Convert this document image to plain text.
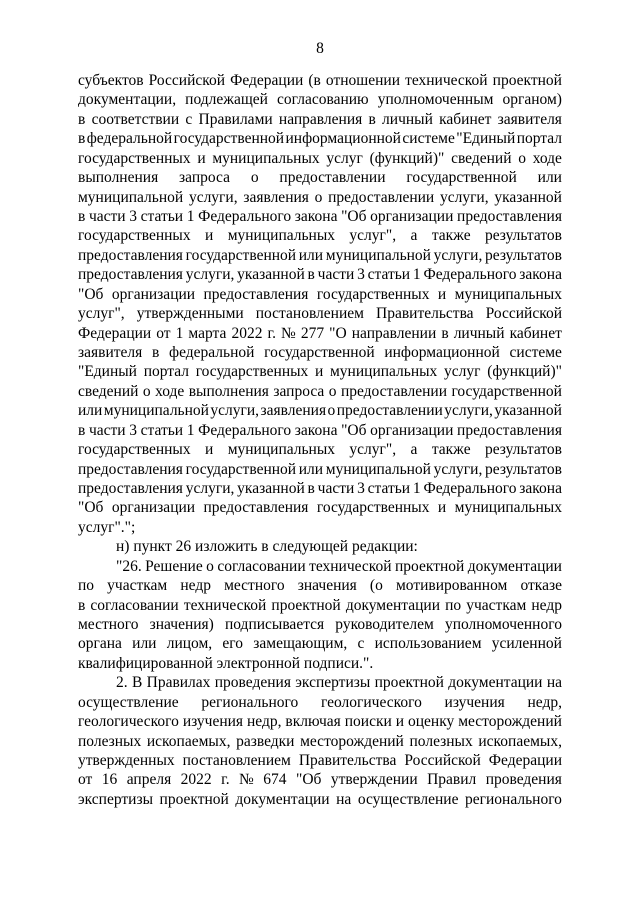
8
субъектов Российской Федерации (в отношении технической проектной
документации, подлежащей согласованию уполномоченным органом)
в соответствии с Правилами направления в личный кабинет заявителя
в федеральной государственной информационной системе "Единый портал
государственных и муниципальных услуг (функций)" сведений о ходе
выполнения запроса о предоставлении государственной или
муниципальной услуги, заявления о предоставлении услуги, указанной
в части 3 статьи 1 Федерального закона "Об организации предоставления
государственных и муниципальных услуг", а также результатов
предоставления государственной или муниципальной услуги, результатов
предоставления услуги, указанной в части 3 статьи 1 Федерального закона
"Об организации предоставления государственных и муниципальных
услуг", утвержденными постановлением Правительства Российской
Федерации от 1 марта 2022 г. № 277 "О направлении в личный кабинет
заявителя в федеральной государственной информационной системе
"Единый портал государственных и муниципальных услуг (функций)"
сведений о ходе выполнения запроса о предоставлении государственной
или муниципальной услуги, заявления о предоставлении услуги, указанной
в части 3 статьи 1 Федерального закона "Об организации предоставления
государственных и муниципальных услуг", а также результатов
предоставления государственной или муниципальной услуги, результатов
предоставления услуги, указанной в части 3 статьи 1 Федерального закона
"Об организации предоставления государственных и муниципальных
услуг".";
н) пункт 26 изложить в следующей редакции:
"26. Решение о согласовании технической проектной документации
по участкам недр местного значения (о мотивированном отказе
в согласовании технической проектной документации по участкам недр
местного значения) подписывается руководителем уполномоченного
органа или лицом, его замещающим, с использованием усиленной
квалифицированной электронной подписи.".
2. В Правилах проведения экспертизы проектной документации на
осуществление регионального геологического изучения недр,
геологического изучения недр, включая поиски и оценку месторождений
полезных ископаемых, разведки месторождений полезных ископаемых,
утвержденных постановлением Правительства Российской Федерации
от 16 апреля 2022 г. № 674 "Об утверждении Правил проведения
экспертизы проектной документации на осуществление регионального
